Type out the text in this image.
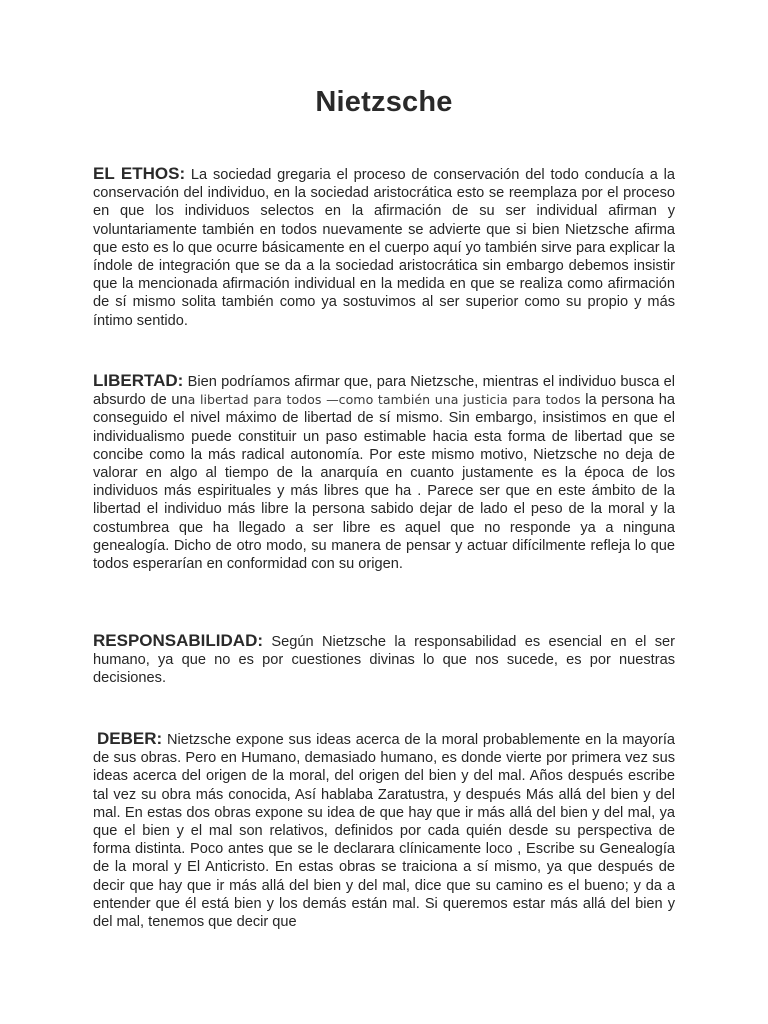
Nietzsche
EL ETHOS: La sociedad gregaria el proceso de conservación del todo conducía a la conservación del individuo, en la sociedad aristocrática esto se reemplaza por el proceso en que los individuos selectos en la afirmación de su ser individual afirman y voluntariamente también en todos nuevamente se advierte que si bien Nietzsche afirma que esto es lo que ocurre básicamente en el cuerpo aquí yo también sirve para explicar la índole de integración que se da a la sociedad aristocrática sin embargo debemos insistir que la mencionada afirmación individual en la medida en que se realiza como afirmación de sí mismo solita también como ya sostuvimos al ser superior como su propio y más íntimo sentido.
LIBERTAD: Bien podríamos afirmar que, para Nietzsche, mientras el individuo busca el absurdo de una libertad para todos —como también una justicia para todos la persona ha conseguido el nivel máximo de libertad de sí mismo. Sin embargo, insistimos en que el individualismo puede constituir un paso estimable hacia esta forma de libertad que se concibe como la más radical autonomía. Por este mismo motivo, Nietzsche no deja de valorar en algo al tiempo de la anarquía en cuanto justamente es la época de los individuos más espirituales y más libres que ha . Parece ser que en este ámbito de la libertad el individuo más libre la persona sabido dejar de lado el peso de la moral y la costumbrea que ha llegado a ser libre es aquel que no responde ya a ninguna genealogía. Dicho de otro modo, su manera de pensar y actuar difícilmente refleja lo que todos esperarían en conformidad con su origen.
RESPONSABILIDAD: Según Nietzsche la responsabilidad es esencial en el ser humano, ya que no es por cuestiones divinas lo que nos sucede, es por nuestras decisiones.
DEBER: Nietzsche expone sus ideas acerca de la moral probablemente en la mayoría de sus obras. Pero en Humano, demasiado humano, es donde vierte por primera vez sus ideas acerca del origen de la moral, del origen del bien y del mal. Años después escribe tal vez su obra más conocida, Así hablaba Zaratustra, y después Más allá del bien y del mal. En estas dos obras expone su idea de que hay que ir más allá del bien y del mal, ya que el bien y el mal son relativos, definidos por cada quién desde su perspectiva de forma distinta. Poco antes que se le declarara clínicamente loco , Escribe su Genealogía de la moral y El Anticristo. En estas obras se traiciona a sí mismo, ya que después de decir que hay que ir más allá del bien y del mal, dice que su camino es el bueno; y da a entender que él está bien y los demás están mal. Si queremos estar más allá del bien y del mal, tenemos que decir que
